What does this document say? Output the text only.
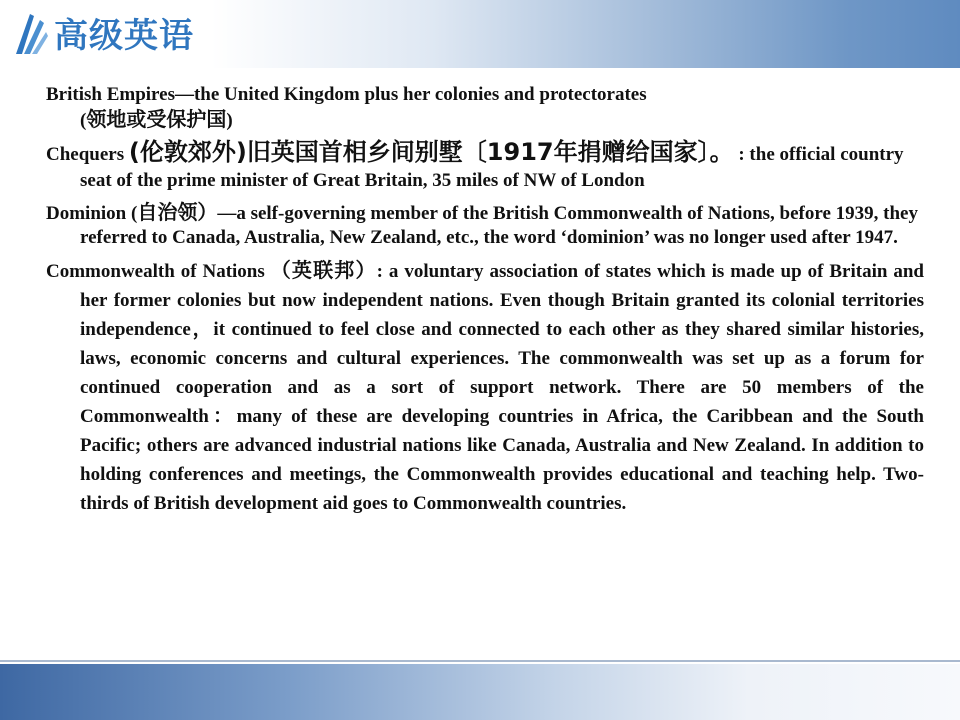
高级英语

British Empires—the United Kingdom plus her colonies and protectorates
(领地或受保护国)

Chequers (伦敦郊外)旧英国首相乡间别墅〔1917年捐赠给国家〕。 : the official country seat of the prime minister of Great Britain, 35 miles of NW of London

Dominion (自治领）—a self-governing member of the British Commonwealth of Nations, before 1939, they referred to Canada, Australia, New Zealand, etc., the word ‘dominion’ was no longer used after 1947.

Commonwealth of Nations （英联邦）: a voluntary association of states which is made up of Britain and her former colonies but now independent nations. Even though Britain granted its colonial territories independence，it continued to feel close and connected to each other as they shared similar histories, laws, economic concerns and cultural experiences. The commonwealth was set up as a forum for continued cooperation and as a sort of support network. There are 50 members of the Commonwealth：many of these are developing countries in Africa, the Caribbean and the South Pacific; others are advanced industrial nations like Canada, Australia and New Zealand. In addition to holding conferences and meetings, the Commonwealth provides educational and teaching help. Two-thirds of British development aid goes to Commonwealth countries.
